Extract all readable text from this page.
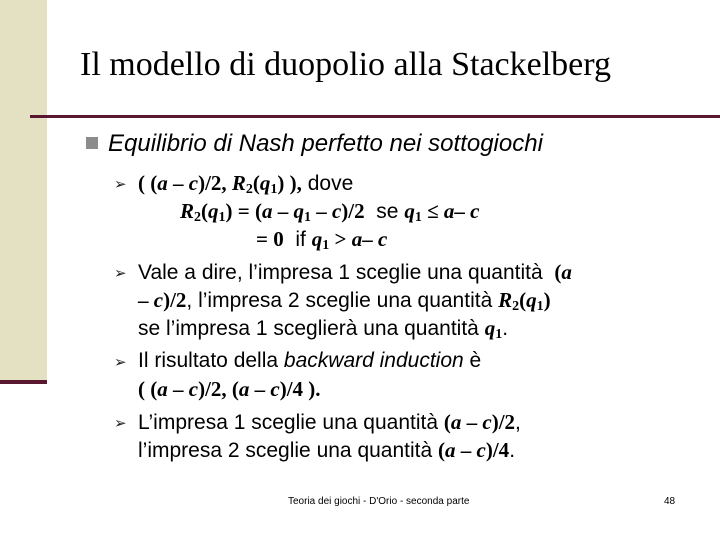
Il modello di duopolio alla Stackelberg
Equilibrio di Nash perfetto nei sottogiochi
➢ ( (a – c)/2, $R_2(q_1)$ ), dove
$R_2(q_1) = (a - q_1 - c)/2$ se $q_1 \le a-$ c
= 0 if $q_1 > a-$ c
➢ Vale a dire, l’impresa 1 sceglie una quantità (a
– c)/2, l’impresa 2 sceglie una quantità $R_2(q_1)$
se l’impresa 1 sceglierà una quantità $q_1$.
➢ Il risultato della backward induction è
( (a – c)/2, (a – c)/4 ).
➢ L’impresa 1 sceglie una quantità (a – c)/2,
l’impresa 2 sceglie una quantità (a – c)/4.
Teoria dei giochi - D'Orio - seconda parte	48
